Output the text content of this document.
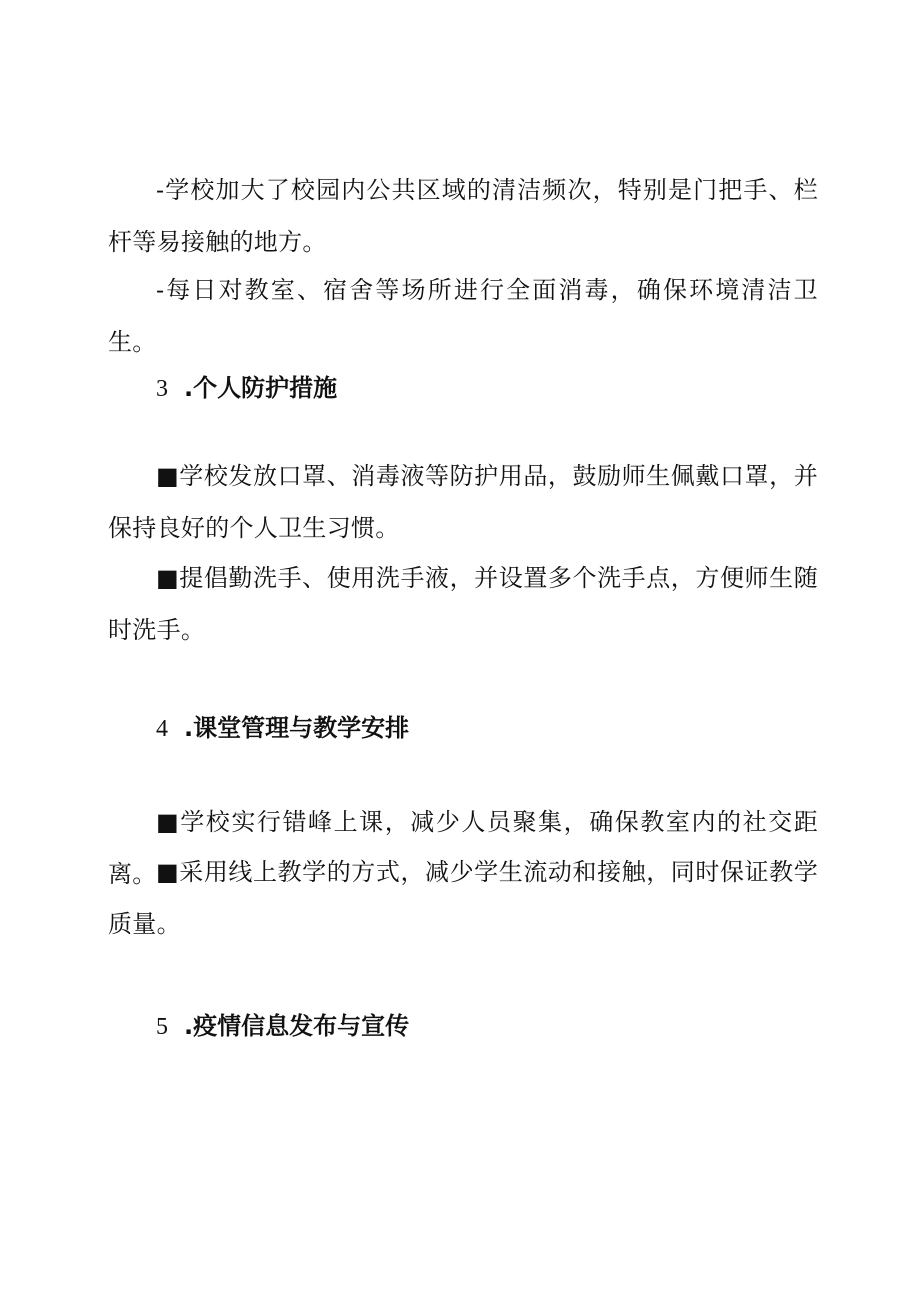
-学校加大了校园内公共区域的清洁频次，特别是门把手、栏杆等易接触的地方。

-每日对教室、宿舍等场所进行全面消毒，确保环境清洁卫生。

3 .个人防护措施

■学校发放口罩、消毒液等防护用品，鼓励师生佩戴口罩，并保持良好的个人卫生习惯。

■提倡勤洗手、使用洗手液，并设置多个洗手点，方便师生随时洗手。

4 .课堂管理与教学安排

■学校实行错峰上课，减少人员聚集，确保教室内的社交距离。 ■采用线上教学的方式，减少学生流动和接触，同时保证教学质量。

5 .疫情信息发布与宣传
